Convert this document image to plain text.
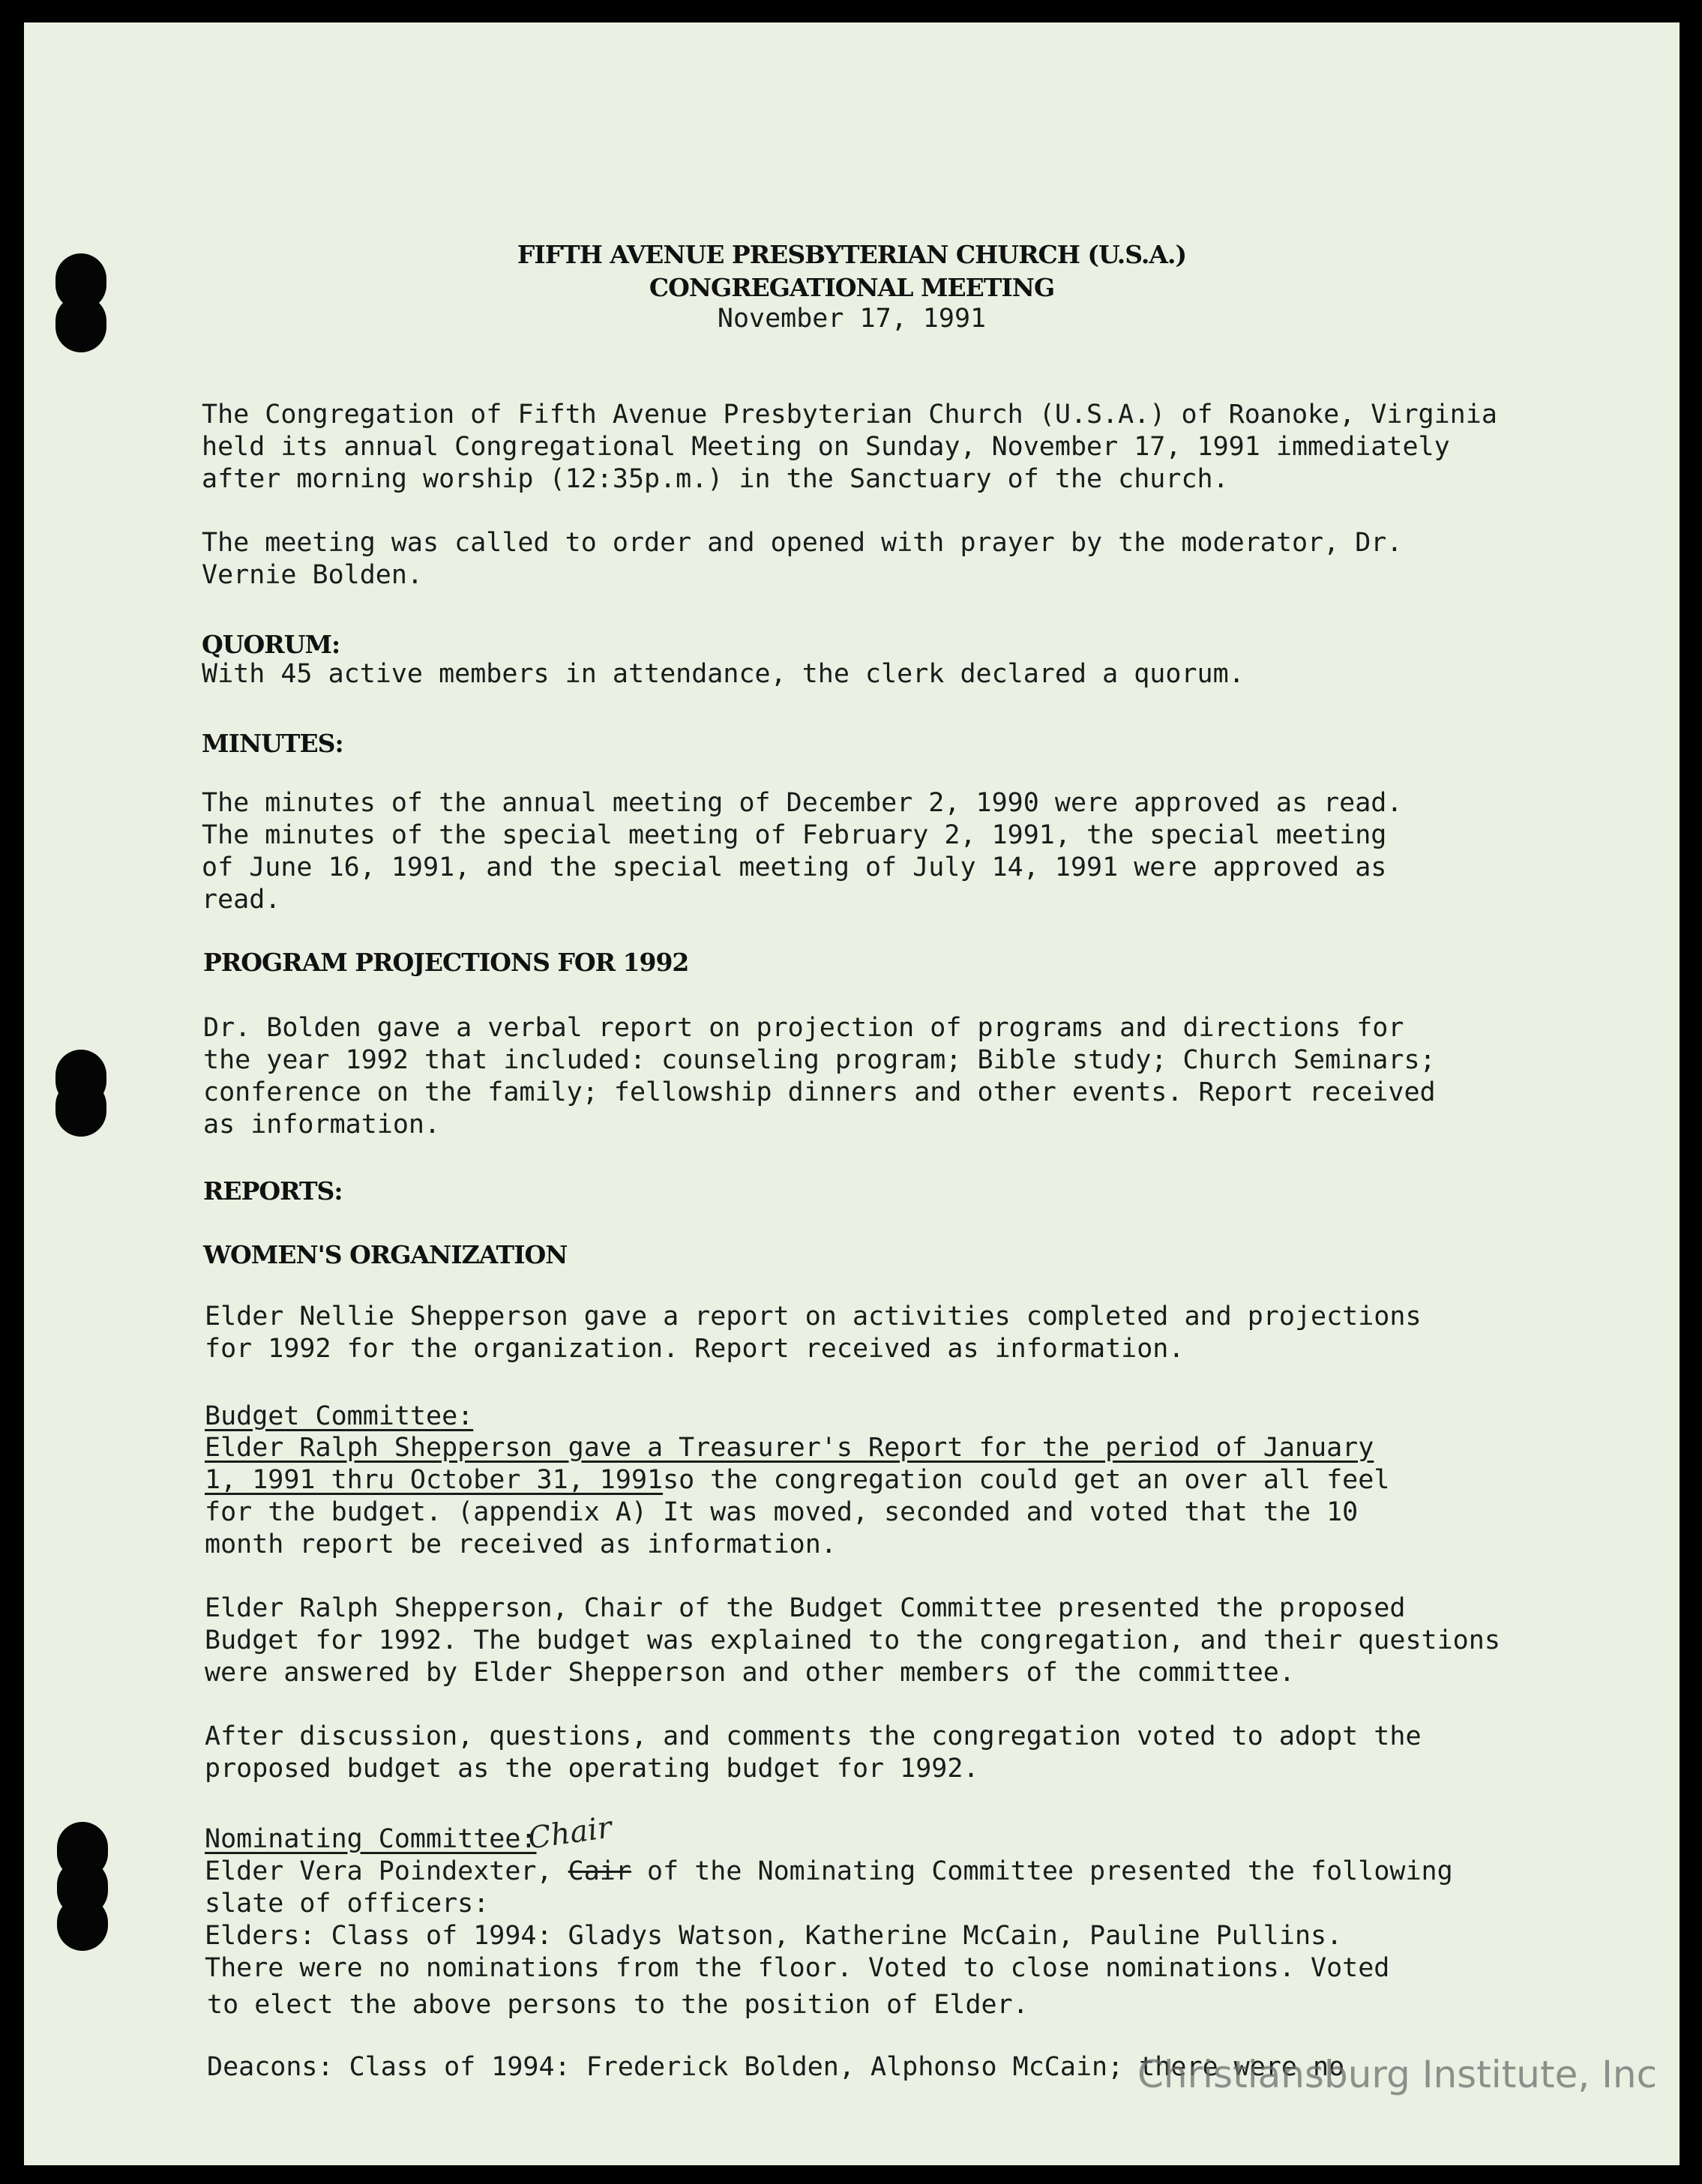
FIFTH AVENUE PRESBYTERIAN CHURCH (U.S.A.)
CONGREGATIONAL MEETING
November 17, 1991
The Congregation of Fifth Avenue Presbyterian Church (U.S.A.) of Roanoke, Virginia
held its annual Congregational Meeting on Sunday, November 17, 1991 immediately
after morning worship (12:35p.m.) in the Sanctuary of the church.
The meeting was called to order and opened with prayer by the moderator, Dr.
Vernie Bolden.
QUORUM:
With 45 active members in attendance, the clerk declared a quorum.
MINUTES:
The minutes of the annual meeting of December 2, 1990 were approved as read.
The minutes of the special meeting of February 2, 1991, the special meeting
of June 16, 1991, and the special meeting of July 14, 1991 were approved as
read.
PROGRAM PROJECTIONS FOR 1992
Dr. Bolden gave a verbal report on projection of programs and directions for
the year 1992 that included: counseling program; Bible study; Church Seminars;
conference on the family; fellowship dinners and other events. Report received
as information.
REPORTS:
WOMEN'S ORGANIZATION
Elder Nellie Shepperson gave a report on activities completed and projections
for 1992 for the organization. Report received as information.
Budget Committee:
Elder Ralph Shepperson gave a Treasurer's Report for the period of January
1, 1991 thru October 31, 1991so the congregation could get an over all feel
for the budget. (appendix A) It was moved, seconded and voted that the 10
month report be received as information.
Elder Ralph Shepperson, Chair of the Budget Committee presented the proposed
Budget for 1992. The budget was explained to the congregation, and their questions
were answered by Elder Shepperson and other members of the committee.
After discussion, questions, and comments the congregation voted to adopt the
proposed budget as the operating budget for 1992.
Nominating Committee:
Chair
Elder Vera Poindexter, Cair of the Nominating Committee presented the following
slate of officers:
Elders: Class of 1994: Gladys Watson, Katherine McCain, Pauline Pullins.
There were no nominations from the floor. Voted to close nominations. Voted
to elect the above persons to the position of Elder.
Deacons: Class of 1994: Frederick Bolden, Alphonso McCain; there were no
Christiansburg Institute, Inc
